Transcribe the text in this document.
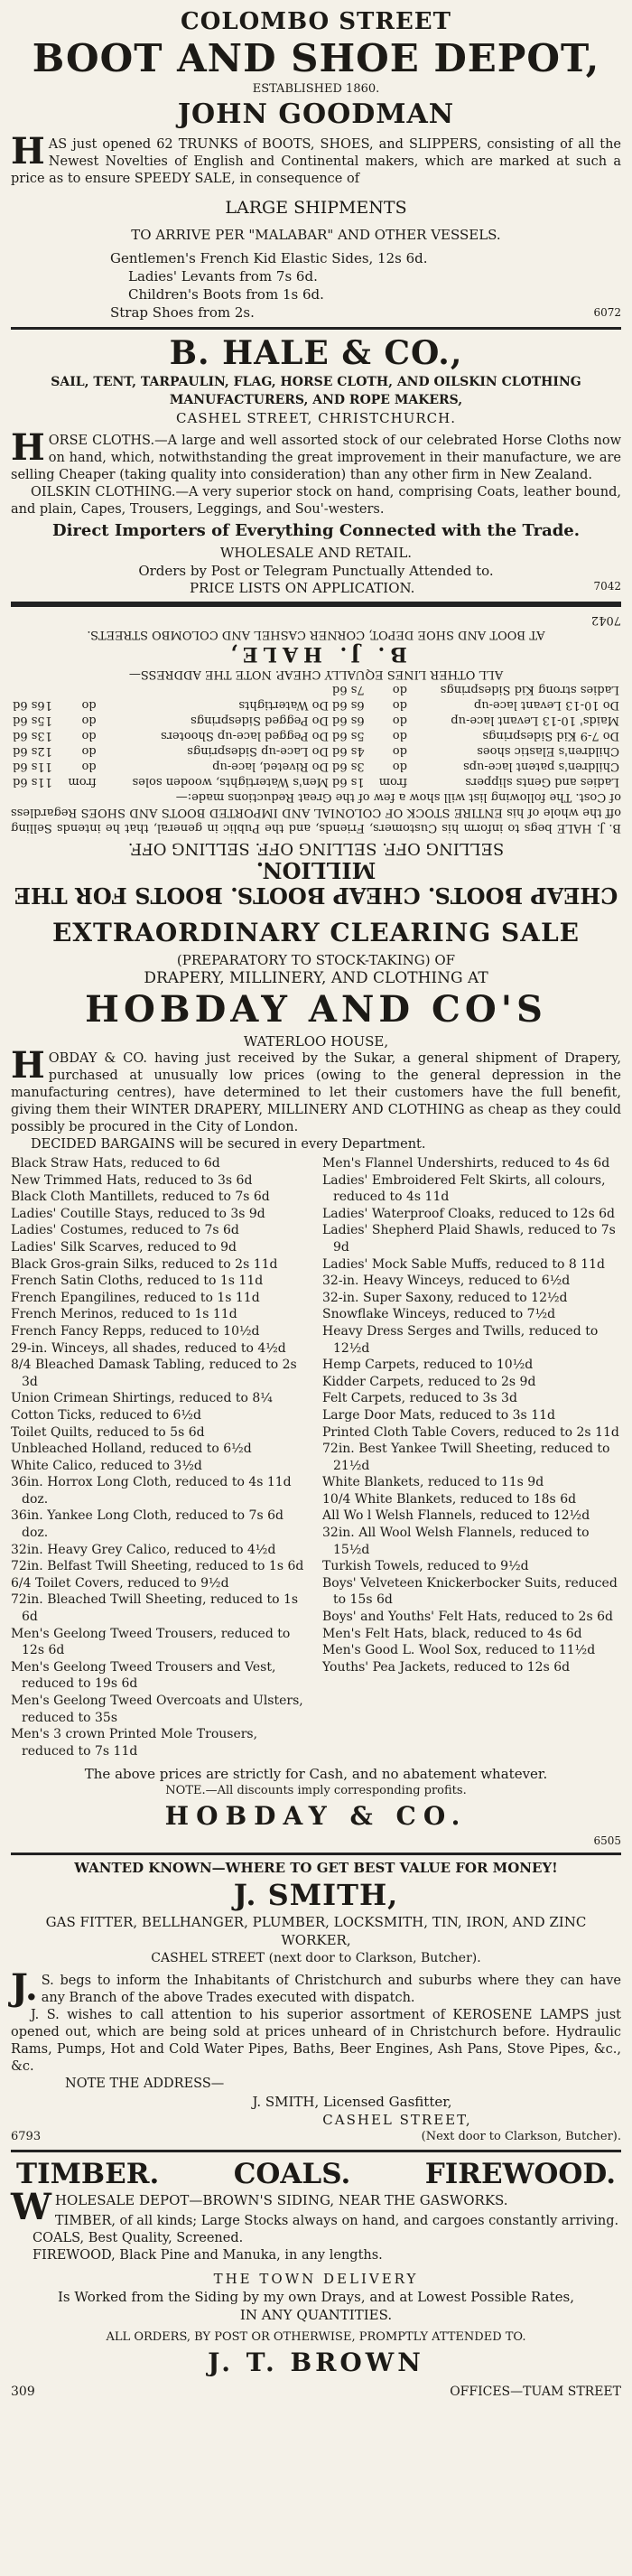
COLOMBO STREET
BOOT AND SHOE DEPOT,
ESTABLISHED 1860.
JOHN GOODMAN

HAS just opened 62 TRUNKS of BOOTS, SHOES, and SLIPPERS, consisting of all the Newest Novelties of English and Continental makers, which are marked at such a price as to ensure SPEEDY SALE, in consequence of

LARGE SHIPMENTS
TO ARRIVE PER "MALABAR" AND OTHER VESSELS.

Gentlemen's French Kid Elastic Sides, 12s 6d.

Ladies' Levants from 7s 6d.

Children's Boots from 1s 6d.

Strap Shoes from 2s.	6072
B. HALE & CO.,
SAIL, TENT, TARPAULIN, FLAG, HORSE CLOTH, AND OILSKIN CLOTHING MANUFACTURERS, AND ROPE MAKERS,
CASHEL STREET, CHRISTCHURCH.

HORSE CLOTHS.—A large and well assorted stock of our celebrated Horse Cloths now on hand, which, notwithstanding the great improvement in their manufacture, we are selling Cheaper (taking quality into consideration) than any other firm in New Zealand.

OILSKIN CLOTHING.—A very superior stock on hand, comprising Coats, leather bound, and plain, Capes, Trousers, Leggings, and Sou'-westers.

Direct Importers of Everything Connected with the Trade.
WHOLESALE AND RETAIL.
Orders by Post or Telegram Punctually Attended to.
PRICE LISTS ON APPLICATION.	7042
CHEAP BOOTS. CHEAP BOOTS. BOOTS FOR THE
MILLION.
SELLING OFF. SELLING OFF. SELLING OFF.

B. J. HALE begs to inform his Customers, Friends, and the Public in general, that he intends Selling off the whole of his ENTIRE STOCK OF COLONIAL AND IMPORTED BOOTS AND SHOES Regardless of Cost. The following list will show a few of the Great Reductions made:—

Ladies and Gents slippers	from	1s 6d	Men's Watertights, wooden soles	from	11s 6d
Children's patent lace-ups	do	3s 6d	Do Riveted, lace-up	do	11s 6d
Children's Elastic shoes	do	4s 6d	Do Lace-up Sidesprings	do	12s 6d
Do 7-9 Kid Sidesprings	do	5s 6d	Do Pegged lace-up Shooters	do	13s 6d
Maids' 10-13 Levant lace-up	do	6s 6d	Do Pegged Sidesprings	do	15s 6d
Do 10-13 Levant lace-up	do	6s 6d	Do Watertights	do	16s 6d
Ladies strong Kid Sidesprings	do	7s 6d			
ALL OTHER LINES EQUALLY CHEAP. NOTE THE ADDRESS—
B. J. HALE,
AT BOOT AND SHOE DEPOT, CORNER CASHEL AND COLOMBO STREETS.
7042
EXTRAORDINARY CLEARING SALE
(PREPARATORY TO STOCK-TAKING) OF
DRAPERY, MILLINERY, AND CLOTHING AT
HOBDAY AND CO'S
WATERLOO HOUSE,

HOBDAY & CO. having just received by the Sukar, a general shipment of Drapery, purchased at unusually low prices (owing to the general depression in the manufacturing centres), have determined to let their customers have the full benefit, giving them their WINTER DRAPERY, MILLINERY AND CLOTHING as cheap as they could possibly be procured in the City of London.

DECIDED BARGAINS will be secured in every Department.

Black Straw Hats, reduced to 6d

New Trimmed Hats, reduced to 3s 6d

Black Cloth Mantillets, reduced to 7s 6d

Ladies' Coutille Stays, reduced to 3s 9d

Ladies' Costumes, reduced to 7s 6d

Ladies' Silk Scarves, reduced to 9d

Black Gros-grain Silks, reduced to 2s 11d

French Satin Cloths, reduced to 1s 11d

French Epangilines, reduced to 1s 11d

French Merinos, reduced to 1s 11d

French Fancy Repps, reduced to 10½d

29-in. Winceys, all shades, reduced to 4½d

8/4 Bleached Damask Tabling, reduced to 2s 3d

Union Crimean Shirtings, reduced to 8¼

Cotton Ticks, reduced to 6½d

Toilet Quilts, reduced to 5s 6d

Unbleached Holland, reduced to 6½d

White Calico, reduced to 3½d

36in. Horrox Long Cloth, reduced to 4s 11d doz.

36in. Yankee Long Cloth, reduced to 7s 6d doz.

32in. Heavy Grey Calico, reduced to 4½d

72in. Belfast Twill Sheeting, reduced to 1s 6d

6/4 Toilet Covers, reduced to 9½d

72in. Bleached Twill Sheeting, reduced to 1s 6d

Men's Geelong Tweed Trousers, reduced to 12s 6d

Men's Geelong Tweed Trousers and Vest, reduced to 19s 6d

Men's Geelong Tweed Overcoats and Ulsters, reduced to 35s

Men's 3 crown Printed Mole Trousers, reduced to 7s 11d

Men's Flannel Undershirts, reduced to 4s 6d

Ladies' Embroidered Felt Skirts, all colours, reduced to 4s 11d

Ladies' Waterproof Cloaks, reduced to 12s 6d

Ladies' Shepherd Plaid Shawls, reduced to 7s 9d

Ladies' Mock Sable Muffs, reduced to 8 11d

32-in. Heavy Winceys, reduced to 6½d

32-in. Super Saxony, reduced to 12½d

Snowflake Winceys, reduced to 7½d

Heavy Dress Serges and Twills, reduced to 12½d

Hemp Carpets, reduced to 10½d

Kidder Carpets, reduced to 2s 9d

Felt Carpets, reduced to 3s 3d

Large Door Mats, reduced to 3s 11d

Printed Cloth Table Covers, reduced to 2s 11d

72in. Best Yankee Twill Sheeting, reduced to 21½d

White Blankets, reduced to 11s 9d

10/4 White Blankets, reduced to 18s 6d

All Wo l Welsh Flannels, reduced to 12½d

32in. All Wool Welsh Flannels, reduced to 15½d

Turkish Towels, reduced to 9½d

Boys' Velveteen Knickerbocker Suits, reduced to 15s 6d

Boys' and Youths' Felt Hats, reduced to 2s 6d

Men's Felt Hats, black, reduced to 4s 6d

Men's Good L. Wool Sox, reduced to 11½d

Youths' Pea Jackets, reduced to 12s 6d

The above prices are strictly for Cash, and no abatement whatever.
NOTE.—All discounts imply corresponding profits.
HOBDAY & CO.
6505
WANTED KNOWN—WHERE TO GET BEST VALUE FOR MONEY!
J. SMITH,
GAS FITTER, BELLHANGER, PLUMBER, LOCKSMITH, TIN, IRON, AND ZINC WORKER,
CASHEL STREET (next door to Clarkson, Butcher).

J.S. begs to inform the Inhabitants of Christchurch and suburbs where they can have any Branch of the above Trades executed with dispatch.

J. S. wishes to call attention to his superior assortment of KEROSENE LAMPS just opened out, which are being sold at prices unheard of in Christchurch before. Hydraulic Rams, Pumps, Hot and Cold Water Pipes, Baths, Beer Engines, Ash Pans, Stove Pipes, &c., &c.

NOTE THE ADDRESS—
J. SMITH, Licensed Gasfitter,
CASHEL STREET,
6793	(Next door to Clarkson, Butcher).
TIMBER.	COALS.	FIREWOOD.

WHOLESALE DEPOT—BROWN'S SIDING, NEAR THE GASWORKS.

TIMBER, of all kinds; Large Stocks always on hand, and cargoes constantly arriving.

COALS, Best Quality, Screened.

FIREWOOD, Black Pine and Manuka, in any lengths.

THE TOWN DELIVERY
Is Worked from the Siding by my own Drays, and at Lowest Possible Rates,
IN ANY QUANTITIES.
ALL ORDERS, BY POST OR OTHERWISE, PROMPTLY ATTENDED TO.
J. T. BROWN
309	OFFICES—TUAM STREET
